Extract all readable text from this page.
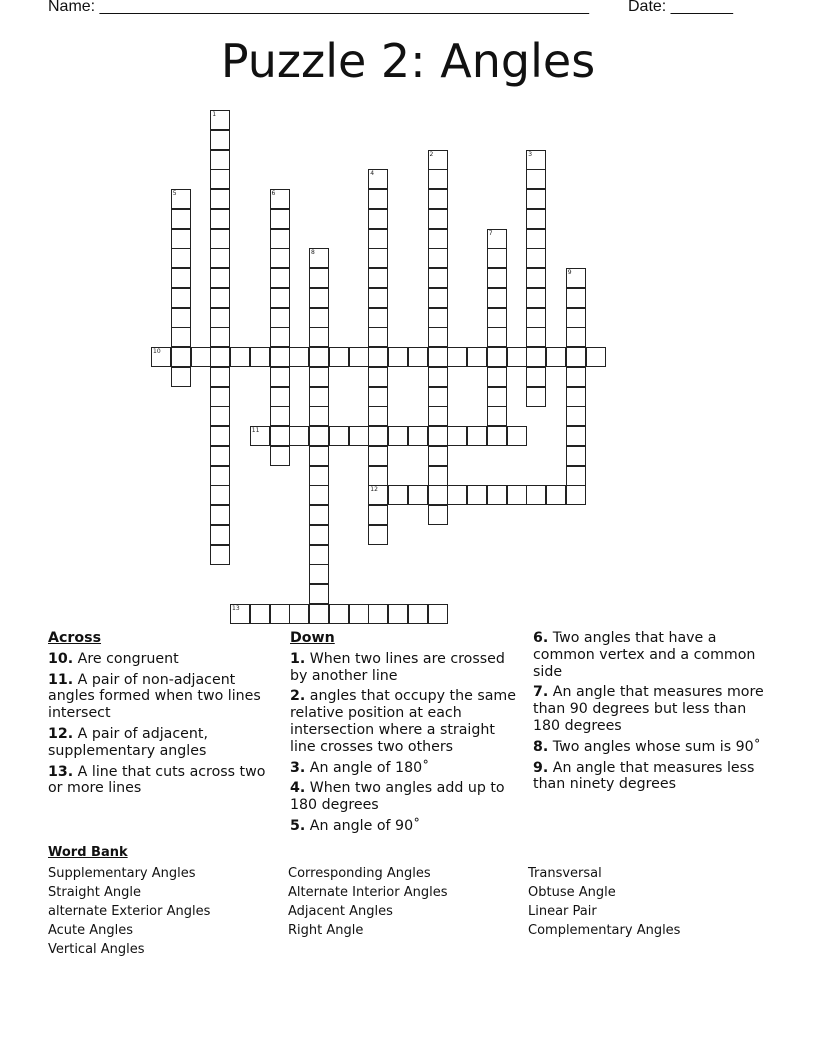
Name: _______________________________________________________ Date: _______
Puzzle 2: Angles
1
2	3
4
5	6
7
8
9
10
11
12
13
Across
10. Are congruent
11. A pair of non-adjacent angles formed when two lines intersect
12. A pair of adjacent, supplementary angles
13. A line that cuts across two or more lines
Down
1. When two lines are crossed by another line
2. angles that occupy the same relative position at each intersection where a straight line crosses two others
3. An angle of 180˚
4. When two angles add up to 180 degrees
5. An angle of 90˚
6. Two angles that have a common vertex and a common side
7. An angle that measures more than 90 degrees but less than 180 degrees
8. Two angles whose sum is 90˚
9. An angle that measures less than ninety degrees
Word Bank
Supplementary Angles
Straight Angle
alternate Exterior Angles
Acute Angles
Vertical Angles
Corresponding Angles
Alternate Interior Angles
Adjacent Angles
Right Angle
Transversal
Obtuse Angle
Linear Pair
Complementary Angles
